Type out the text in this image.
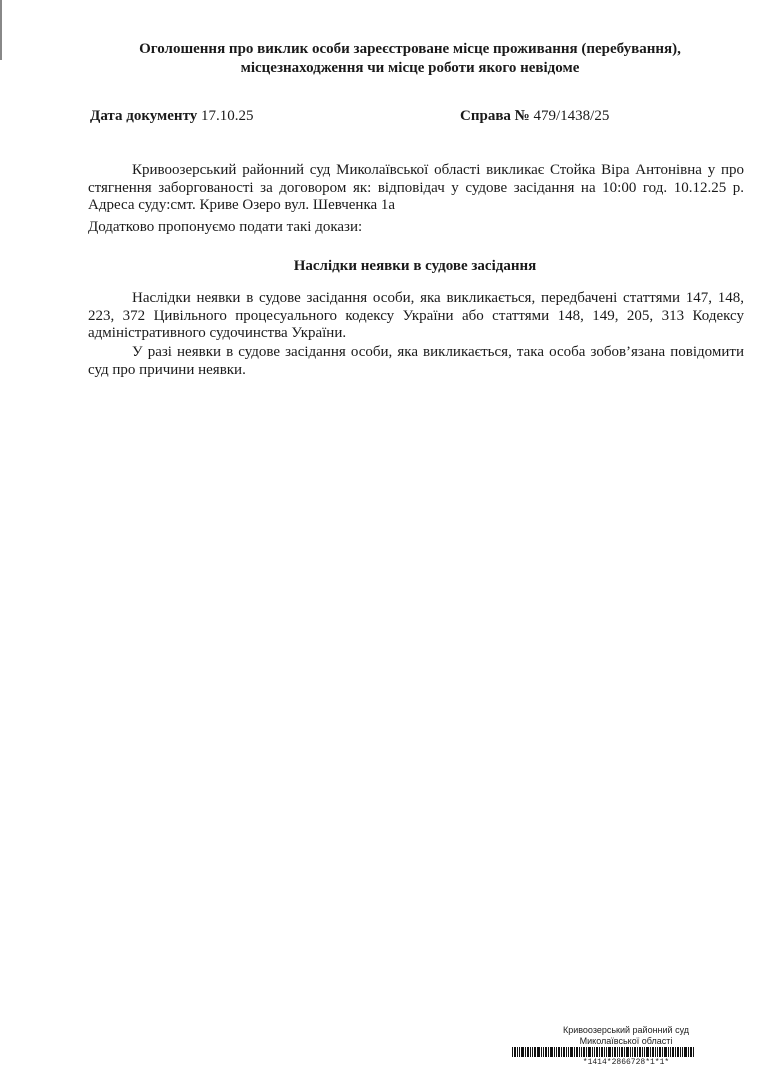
Оголошення про виклик особи зареєстроване місце проживання (перебування),
місцезнаходження чи місце роботи якого невідоме
Дата документу 17.10.25	Справа № 479/1438/25
Кривоозерський районний суд Миколаївської області викликає Стойка Віра Антонівна у про стягнення заборгованості за договором як: відповідач у судове засідання на 10:00 год. 10.12.25 р. Адреса суду:смт. Криве Озеро вул. Шевченка 1а
Додатково пропонуємо подати такі докази:
Наслідки неявки в судове засідання
Наслідки неявки в судове засідання особи, яка викликається, передбачені статтями 147, 148, 223, 372 Цивільного процесуального кодексу України або статтями 148, 149, 205, 313 Кодексу адміністративного судочинства України.
У разі неявки в судове засідання особи, яка викликається, така особа зобов’язана повідомити суд про причини неявки.
Кривоозерський районний суд
Миколаївської області
*1414*2866728*1*1*
